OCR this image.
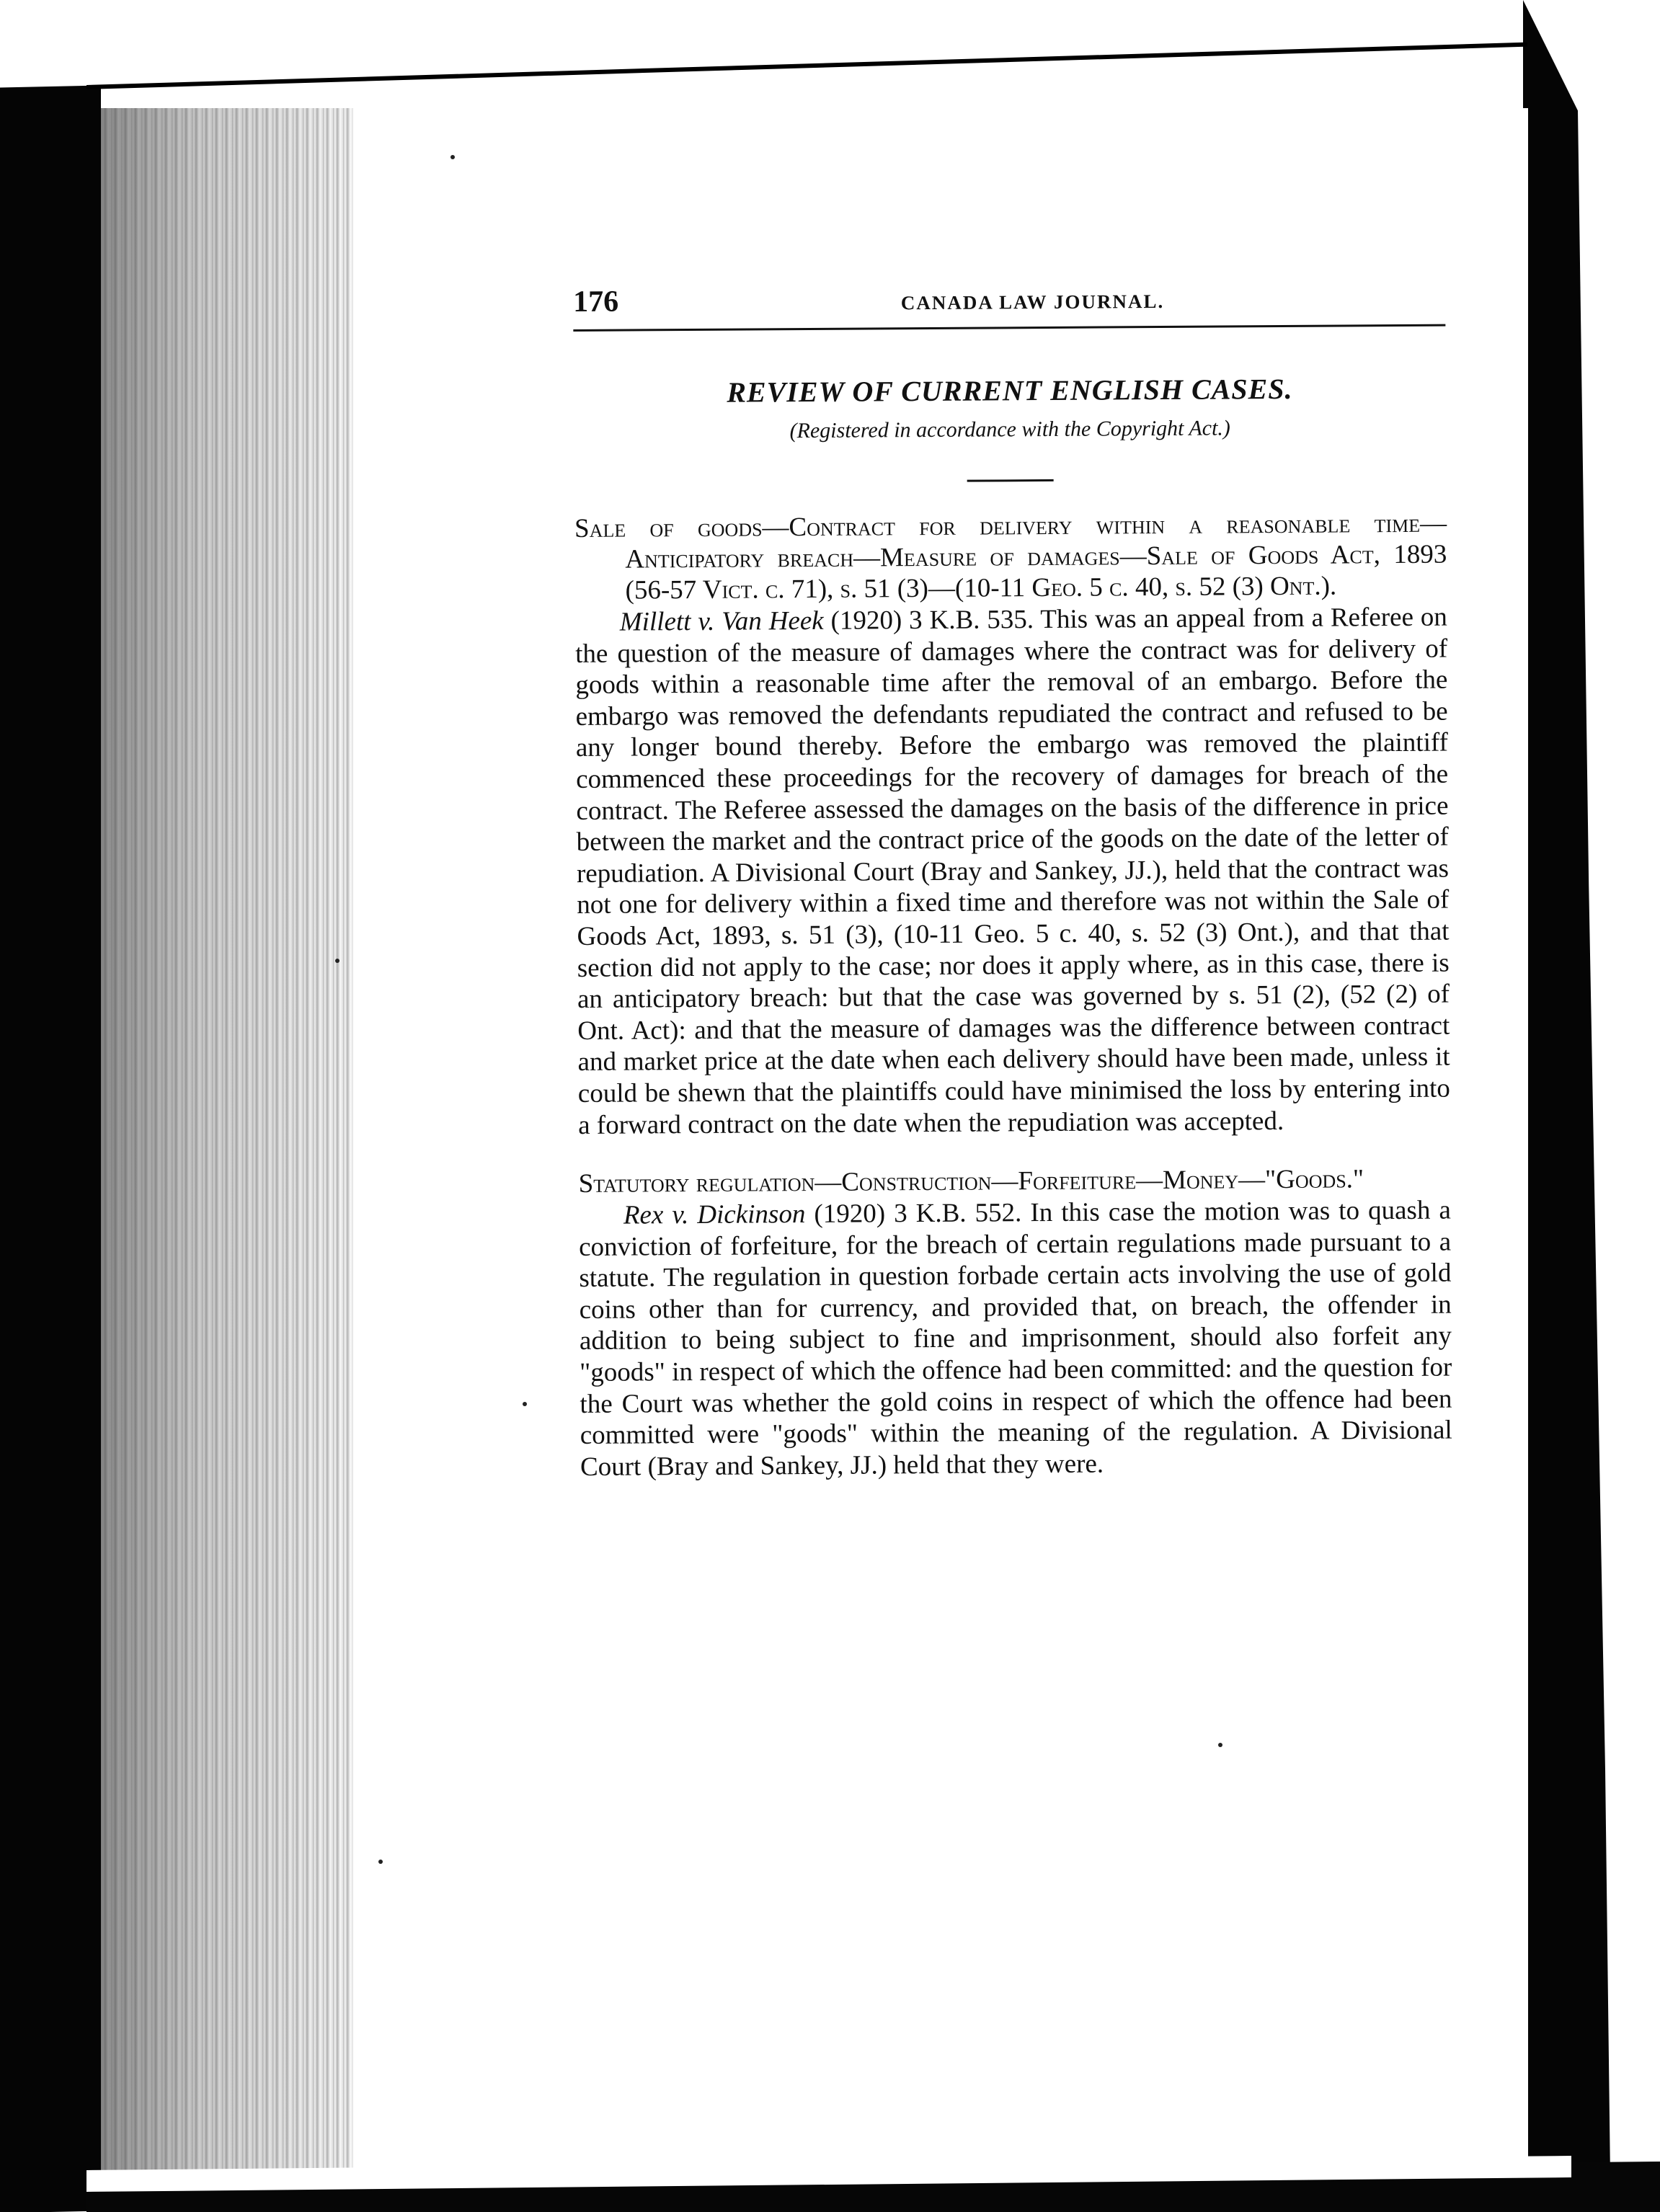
176	CANADA LAW JOURNAL.
REVIEW OF CURRENT ENGLISH CASES.
(Registered in accordance with the Copyright Act.)
Sale of goods—Contract for delivery within a reasonable time—Anticipatory breach—Measure of damages—Sale of Goods Act, 1893 (56-57 Vict. c. 71), s. 51 (3)—(10-11 Geo. 5 c. 40, s. 52 (3) Ont.).
Millett v. Van Heek (1920) 3 K.B. 535. This was an appeal from a Referee on the question of the measure of damages where the contract was for delivery of goods within a reasonable time after the removal of an embargo. Before the embargo was removed the defendants repudiated the contract and refused to be any longer bound thereby. Before the embargo was removed the plaintiff commenced these proceedings for the recovery of damages for breach of the contract. The Referee assessed the damages on the basis of the difference in price between the market and the contract price of the goods on the date of the letter of repudiation. A Divisional Court (Bray and Sankey, JJ.), held that the contract was not one for delivery within a fixed time and therefore was not within the Sale of Goods Act, 1893, s. 51 (3), (10-11 Geo. 5 c. 40, s. 52 (3) Ont.), and that that section did not apply to the case; nor does it apply where, as in this case, there is an anticipatory breach: but that the case was governed by s. 51 (2), (52 (2) of Ont. Act): and that the measure of damages was the difference between contract and market price at the date when each delivery should have been made, unless it could be shewn that the plaintiffs could have minimised the loss by entering into a forward contract on the date when the repudiation was accepted.
Statutory regulation—Construction—Forfeiture—Money—"Goods."
Rex v. Dickinson (1920) 3 K.B. 552. In this case the motion was to quash a conviction of forfeiture, for the breach of certain regulations made pursuant to a statute. The regulation in question forbade certain acts involving the use of gold coins other than for currency, and provided that, on breach, the offender in addition to being subject to fine and imprisonment, should also forfeit any "goods" in respect of which the offence had been committed: and the question for the Court was whether the gold coins in respect of which the offence had been committed were "goods" within the meaning of the regulation. A Divisional Court (Bray and Sankey, JJ.) held that they were.
